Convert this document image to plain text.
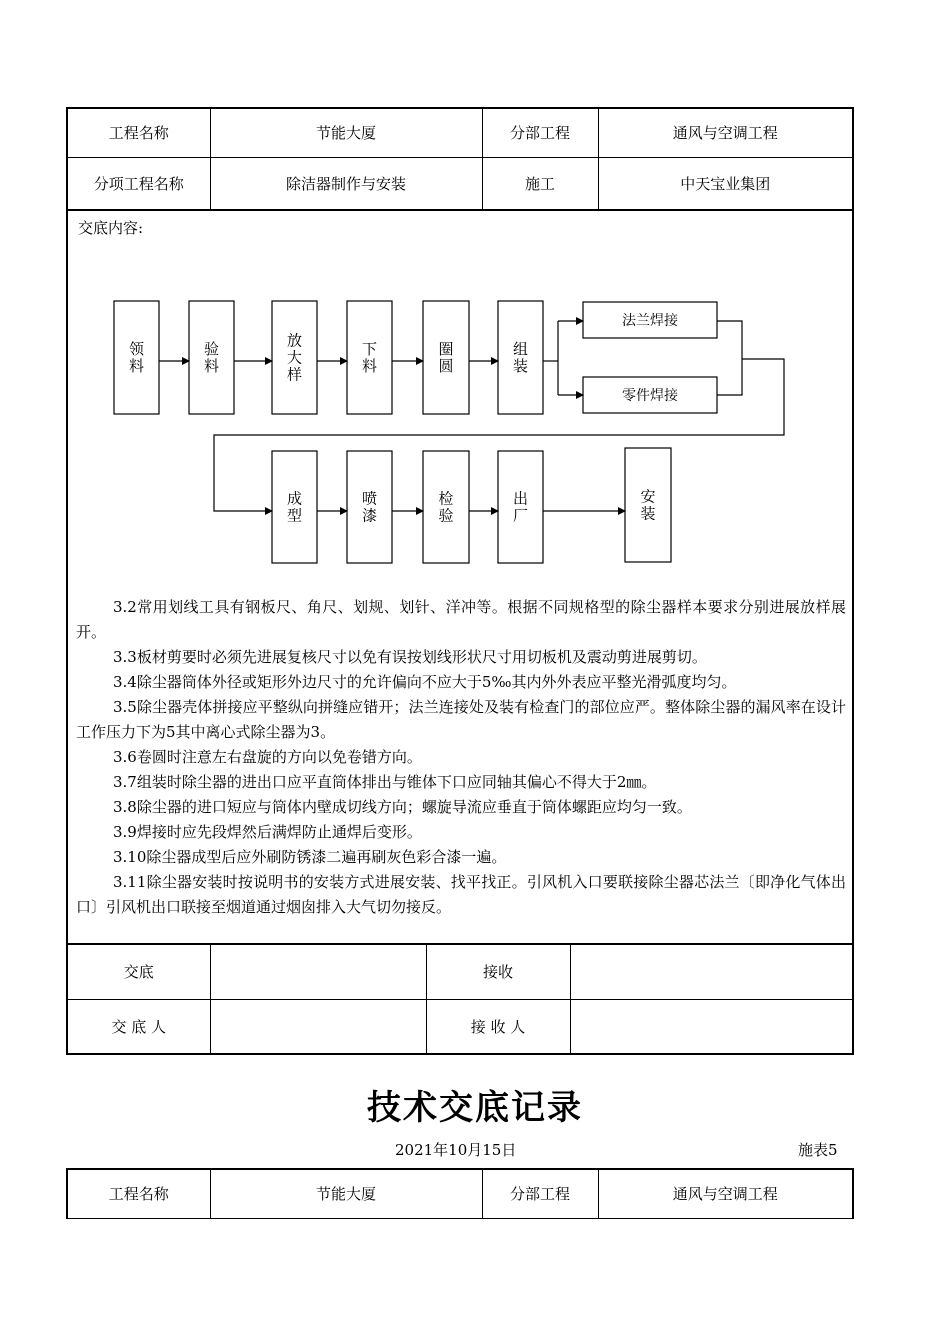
工程名称	节能大厦	分部工程	通风与空调工程
分项工程名称	除洁器制作与安装	施工	中天宝业集团
交底内容:
领
料
验
料
放
大
样
下
料
圈
圆
组
装
法兰焊接
零件焊接
成
型
喷
漆
检
验
出
厂
安
装

3.2常用划线工具有钢板尺、角尺、划规、划针、洋冲等。根据不同规格型的除尘器样本要求分别进展放样展开。

3.3板材剪要时必须先进展复核尺寸以免有误按划线形状尺寸用切板机及震动剪进展剪切。

3.4除尘器筒体外径或矩形外边尺寸的允许偏向不应大于5‰其内外外表应平整光滑弧度均匀。

3.5除尘器壳体拼接应平整纵向拼缝应错开；法兰连接处及装有检查门的部位应严。整体除尘器的漏风率在设计工作压力下为5其中离心式除尘器为3。

3.6卷圆时注意左右盘旋的方向以免卷错方向。

3.7组装时除尘器的进出口应平直筒体排出与锥体下口应同轴其偏心不得大于2㎜。

3.8除尘器的进口短应与筒体内壁成切线方向；螺旋导流应垂直于筒体螺距应均匀一致。

3.9焊接时应先段焊然后满焊防止通焊后变形。

3.10除尘器成型后应外刷防锈漆二遍再刷灰色彩合漆一遍。

3.11除尘器安装时按说明书的安装方式进展安装、找平找正。引风机入口要联接除尘器芯法兰〔即净化气体出口〕引风机出口联接至烟道通过烟囱排入大气切勿接反。

交底		接收	
交 底 人		接 收 人	
技术交底记录
2021年10月15日	施表5
工程名称	节能大厦	分部工程	通风与空调工程
